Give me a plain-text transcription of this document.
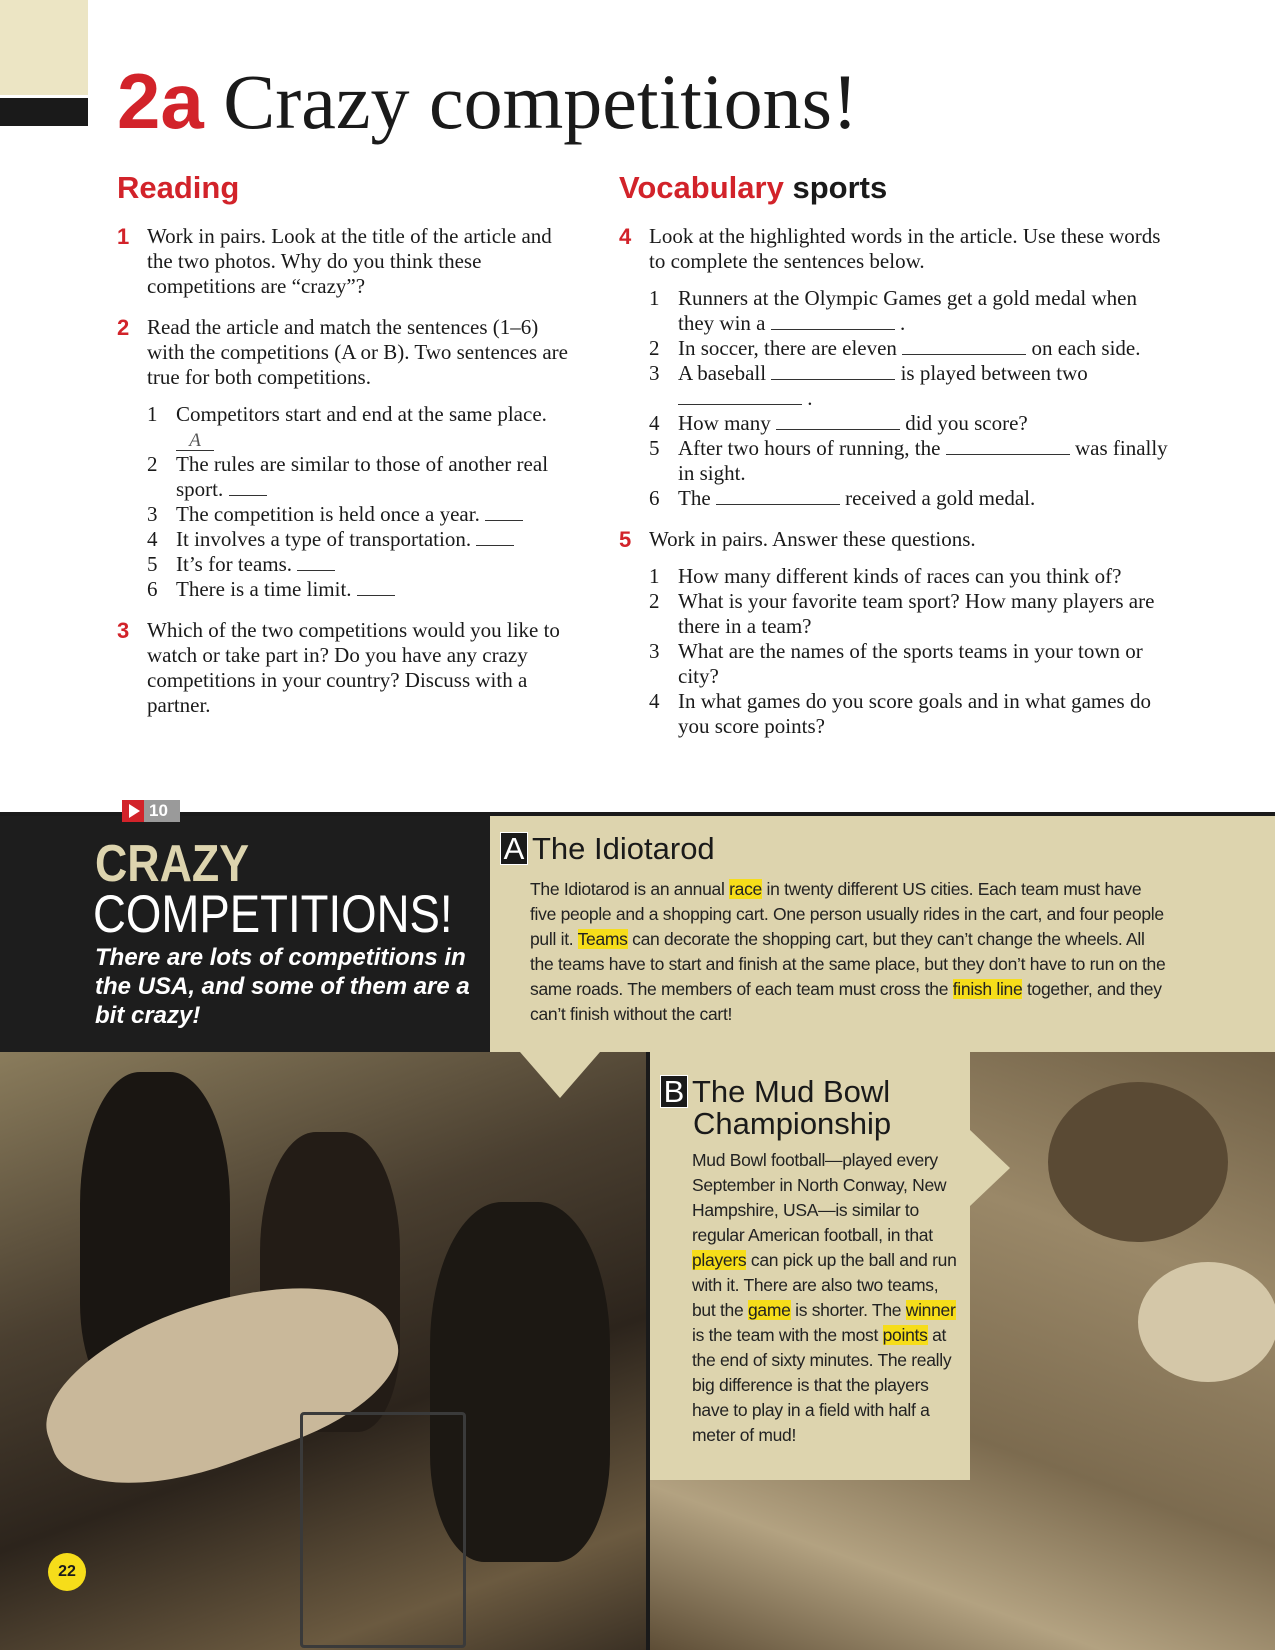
2a Crazy competitions!
Reading
1 Work in pairs. Look at the title of the article and the two photos. Why do you think these competitions are “crazy”?
2 Read the article and match the sentences (1–6) with the competitions (A or B). Two sentences are true for both competitions.
1 Competitors start and end at the same place. A
2 The rules are similar to those of another real sport.
3 The competition is held once a year.
4 It involves a type of transportation.
5 It’s for teams.
6 There is a time limit.
3 Which of the two competitions would you like to watch or take part in? Do you have any crazy competitions in your country? Discuss with a partner.
Vocabulary sports
4 Look at the highlighted words in the article. Use these words to complete the sentences below.
1 Runners at the Olympic Games get a gold medal when they win a	.
2 In soccer, there are eleven	on each side.
3 A baseball	is played between two
.
4 How many	did you score?
5 After two hours of running, the	was finally in sight.
6 The	received a gold medal.
5 Work in pairs. Answer these questions.
1 How many different kinds of races can you think of?
2 What is your favorite team sport? How many players are there in a team?
3 What are the names of the sports teams in your town or city?
4 In what games do you score goals and in what games do you score points?
10
CRAZY
COMPETITIONS!
There are lots of competitions in the USA, and some of them are a bit crazy!
A The Idiotarod
The Idiotarod is an annual race in twenty different US cities. Each team must have five people and a shopping cart. One person usually rides in the cart, and four people pull it. Teams can decorate the shopping cart, but they can’t change the wheels. All the teams have to start and finish at the same place, but they don’t have to run on the same roads. The members of each team must cross the finish line together, and they can’t finish without the cart!
B The Mud Bowl
Championship
Mud Bowl football—played every September in North Conway, New Hampshire, USA—is similar to regular American football, in that players can pick up the ball and run with it. There are also two teams, but the game is shorter. The winner is the team with the most points at the end of sixty minutes. The really big difference is that the players have to play in a field with half a meter of mud!
22
